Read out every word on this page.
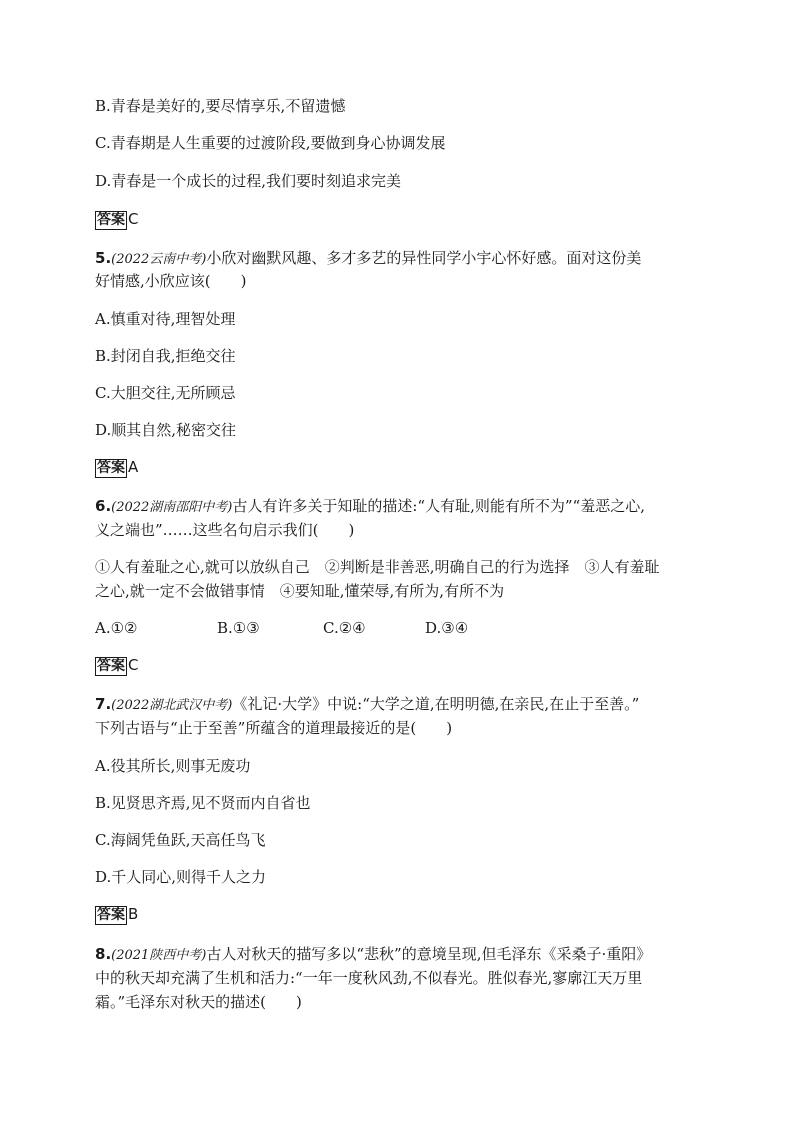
B.青春是美好的,要尽情享乐,不留遗憾
C.青春期是人生重要的过渡阶段,要做到身心协调发展
D.青春是一个成长的过程,我们要时刻追求完美
答案 C
5.(2022云南中考)小欣对幽默风趣、多才多艺的异性同学小宇心怀好感。面对这份美
好情感,小欣应该(　　)
A.慎重对待,理智处理
B.封闭自我,拒绝交往
C.大胆交往,无所顾忌
D.顺其自然,秘密交往
答案 A
6.(2022湖南邵阳中考)古人有许多关于知耻的描述:“人有耻,则能有所不为”“羞恶之心,
义之端也”……这些名句启示我们(　　)
①人有羞耻之心,就可以放纵自己　②判断是非善恶,明确自己的行为选择　③人有羞耻
之心,就一定不会做错事情　④要知耻,懂荣辱,有所为,有所不为
A.①②	B.①③	C.②④	D.③④
答案 C
7.(2022湖北武汉中考)《礼记·大学》中说:“大学之道,在明明德,在亲民,在止于至善。”
下列古语与“止于至善”所蕴含的道理最接近的是(　　)
A.役其所长,则事无废功
B.见贤思齐焉,见不贤而内自省也
C.海阔凭鱼跃,天高任鸟飞
D.千人同心,则得千人之力
答案 B
8.(2021陕西中考)古人对秋天的描写多以“悲秋”的意境呈现,但毛泽东《采桑子·重阳》
中的秋天却充满了生机和活力:“一年一度秋风劲,不似春光。胜似春光,寥廓江天万里
霜。”毛泽东对秋天的描述(　　)
